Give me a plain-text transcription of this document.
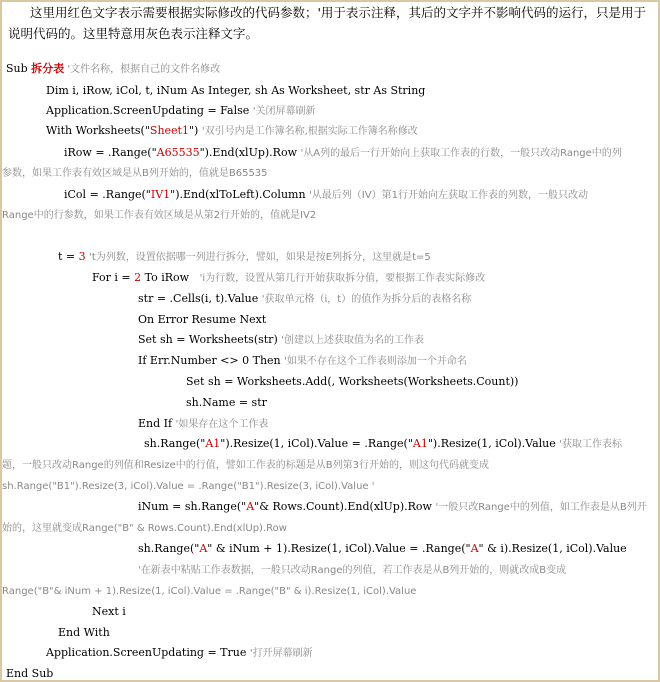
这里用红色文字表示需要根据实际修改的代码参数；'用于表示注释，其后的文字并不影响代码的运行，只是用于说明代码的。这里特意用灰色表示注释文字。
Sub 拆分表 '文件名称，根据自己的文件名修改
Dim i, iRow, iCol, t, iNum As Integer, sh As Worksheet, str As String
Application.ScreenUpdating = False '关闭屏幕刷新
With Worksheets("Sheet1") '双引号内是工作簿名称,根据实际工作簿名称修改
iRow = .Range("A65535").End(xlUp).Row '从A列的最后一行开始向上获取工作表的行数，一般只改动Range中的列
参数，如果工作表有效区域是从B列开始的，值就是B65535
iCol = .Range("IV1").End(xlToLeft).Column '从最后列（IV）第1行开始向左获取工作表的列数，一般只改动
Range中的行参数，如果工作表有效区域是从第2行开始的，值就是IV2
t = 3 't为列数，设置依据哪一列进行拆分，譬如，如果是按E列拆分，这里就是t=5
For i = 2 To iRow   'i为行数，设置从第几行开始获取拆分值，要根据工作表实际修改
str = .Cells(i, t).Value '获取单元格（i，t）的值作为拆分后的表格名称
On Error Resume Next
Set sh = Worksheets(str) '创建以上述获取值为名的工作表
If Err.Number <> 0 Then '如果不存在这个工作表则添加一个并命名
Set sh = Worksheets.Add(, Worksheets(Worksheets.Count))
sh.Name = str
End If '如果存在这个工作表
sh.Range("A1").Resize(1, iCol).Value = .Range("A1").Resize(1, iCol).Value '获取工作表标
题，一般只改动Range的列值和Resize中的行值，譬如工作表的标题是从B列第3行开始的，则这句代码就变成
sh.Range("B1").Resize(3, iCol).Value = .Range("B1").Resize(3, iCol).Value '
iNum = sh.Range("A"& Rows.Count).End(xlUp).Row '一般只改Range中的列值，如工作表是从B列开
始的，这里就变成Range("B" & Rows.Count).End(xlUp).Row
sh.Range("A" & iNum + 1).Resize(1, iCol).Value = .Range("A" & i).Resize(1, iCol).Value
'在新表中粘贴工作表数据，一般只改动Range的列值，若工作表是从B列开始的，则就改成B变成
Range("B"& iNum + 1).Resize(1, iCol).Value = .Range("B" & i).Resize(1, iCol).Value
Next i
End With
Application.ScreenUpdating = True '打开屏幕刷新
End Sub
